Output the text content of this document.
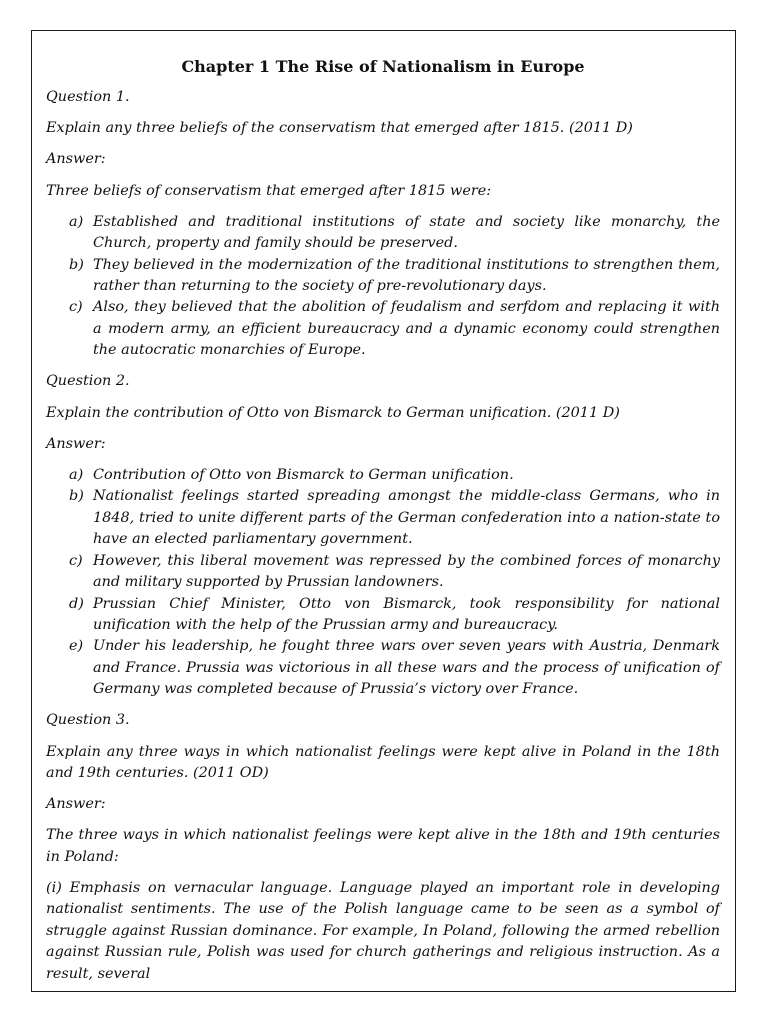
Chapter 1 The Rise of Nationalism in Europe

Question 1.

Explain any three beliefs of the conservatism that emerged after 1815. (2011 D)

Answer:

Three beliefs of conservatism that emerged after 1815 were:

a) Established and traditional institutions of state and society like monarchy, the Church, property and family should be preserved.
b) They believed in the modernization of the traditional institutions to strengthen them, rather than returning to the society of pre-revolutionary days.
c) Also, they believed that the abolition of feudalism and serfdom and replacing it with a modern army, an efficient bureaucracy and a dynamic economy could strengthen the autocratic monarchies of Europe.

Question 2.

Explain the contribution of Otto von Bismarck to German unification. (2011 D)

Answer:

a) Contribution of Otto von Bismarck to German unification.
b) Nationalist feelings started spreading amongst the middle-class Germans, who in 1848, tried to unite different parts of the German confederation into a nation-state to have an elected parliamentary government.
c) However, this liberal movement was repressed by the combined forces of monarchy and military supported by Prussian landowners.
d) Prussian Chief Minister, Otto von Bismarck, took responsibility for national unification with the help of the Prussian army and bureaucracy.
e) Under his leadership, he fought three wars over seven years with Austria, Denmark and France. Prussia was victorious in all these wars and the process of unification of Germany was completed because of Prussia’s victory over France.

Question 3.

Explain any three ways in which nationalist feelings were kept alive in Poland in the 18th and 19th centuries. (2011 OD)

Answer:

The three ways in which nationalist feelings were kept alive in the 18th and 19th centuries in Poland:

(i) Emphasis on vernacular language. Language played an important role in developing nationalist sentiments. The use of the Polish language came to be seen as a symbol of struggle against Russian dominance. For example, In Poland, following the armed rebellion against Russian rule, Polish was used for church gatherings and religious instruction. As a result, several
